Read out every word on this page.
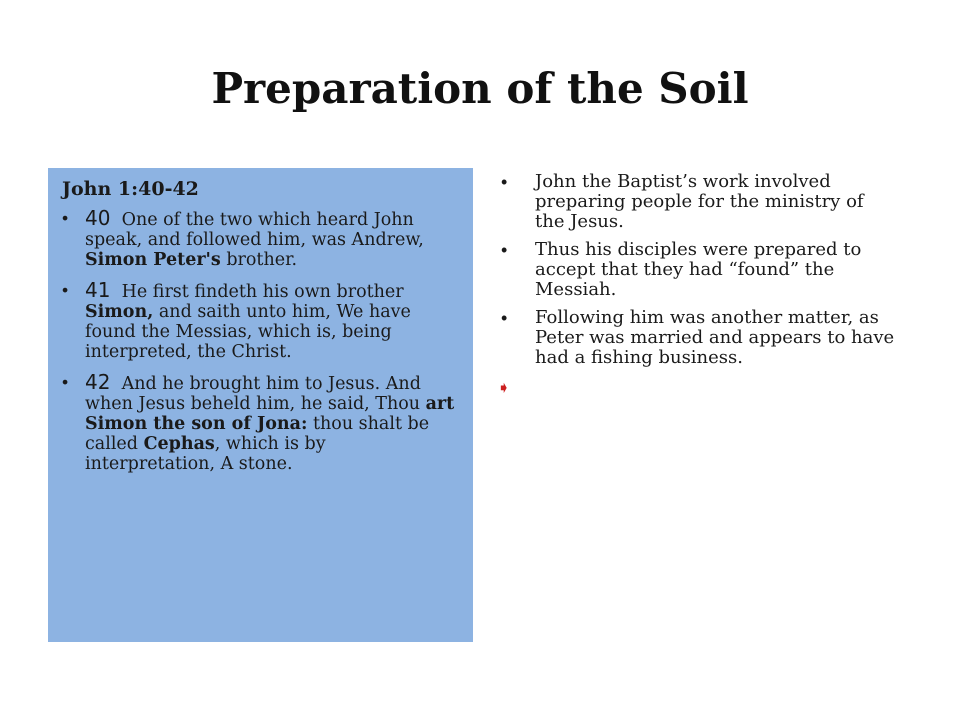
Preparation of the Soil
John 1:40-42
• 40 One of the two which heard John speak, and followed him, was Andrew, Simon Peter's brother.
• 41 He first findeth his own brother Simon, and saith unto him, We have found the Messias, which is, being interpreted, the Christ.
• 42 And he brought him to Jesus. And when Jesus beheld him, he said, Thou art Simon the son of Jona: thou shalt be called Cephas, which is by interpretation, A stone.
• John the Baptist’s work involved preparing people for the ministry of the Jesus.
• Thus his disciples were prepared to accept that they had “found” the Messiah.
• Following him was another matter, as Peter was married and appears to have had a fishing business.
➧
